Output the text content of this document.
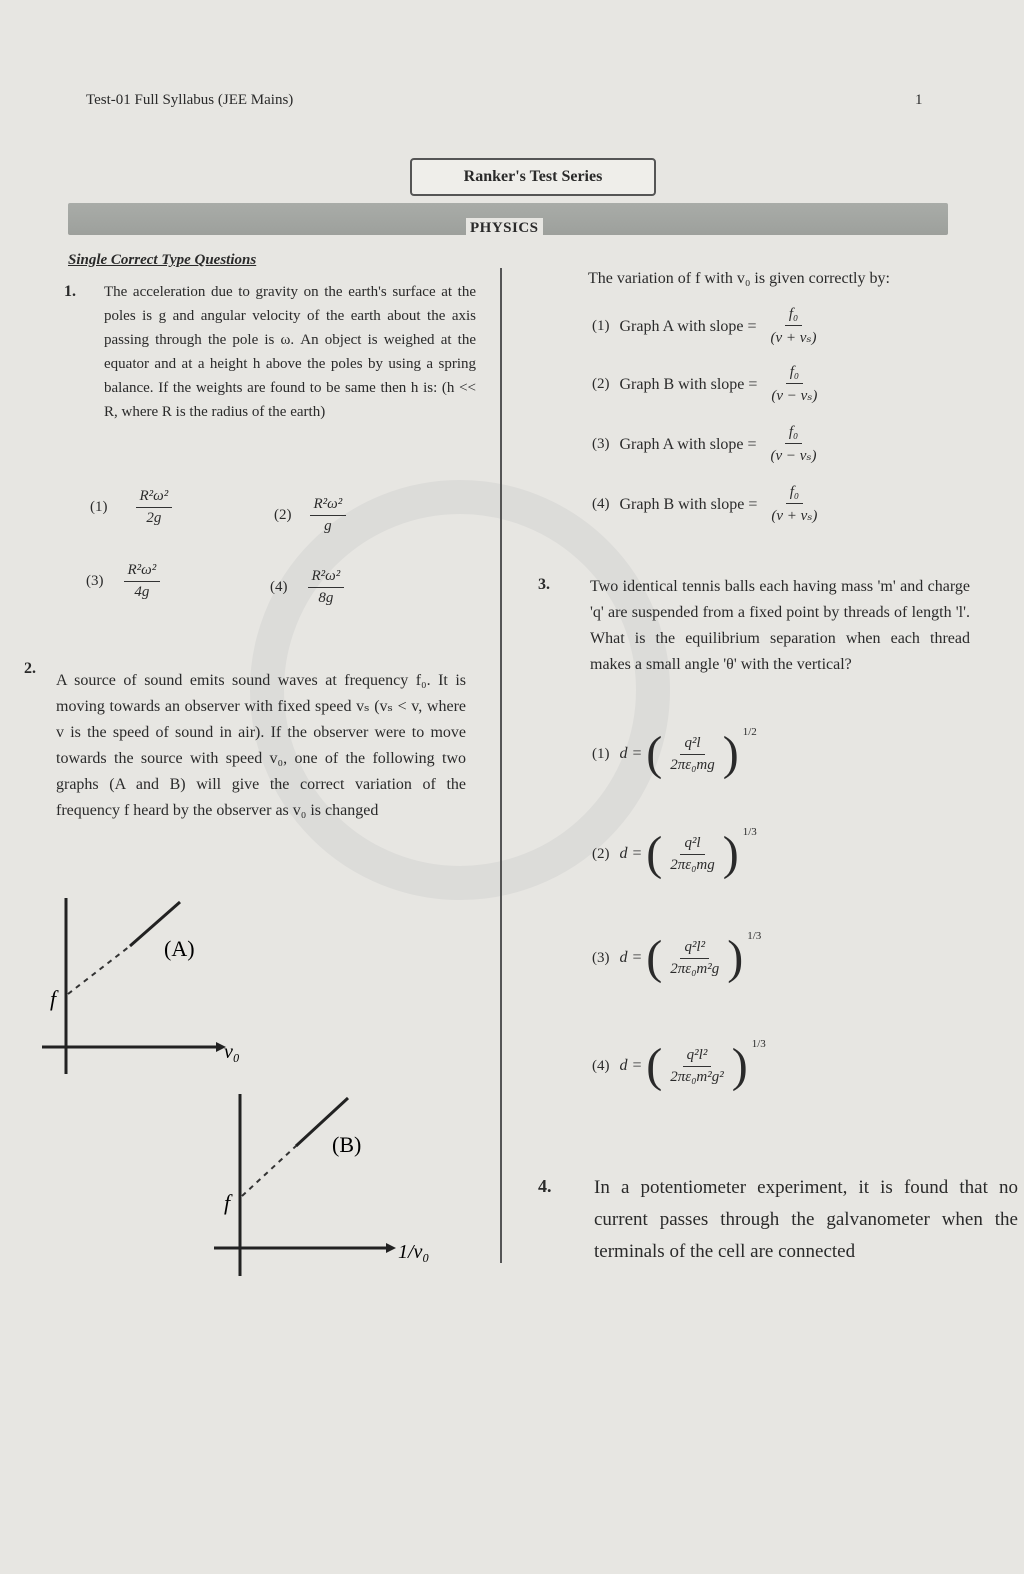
Test-01 Full Syllabus (JEE Mains)	1
Ranker's Test Series
PHYSICS
Single Correct Type Questions
1. The acceleration due to gravity on the earth's surface at the poles is g and angular velocity of the earth about the axis passing through the pole is ω. An object is weighed at the equator and at a height h above the poles by using a spring balance. If the weights are found to be same then h is: (h << R, where R is the radius of the earth)
$(1) \frac{\text{R²ω²}}{2g}$	$(2) \frac{\text{R²ω²}}{g}$
$(3) \frac{\text{R²ω²}}{4g}$	$(4) \frac{\text{R²ω²}}{8g}$
2.
A source of sound emits sound waves at frequency f₀. It is moving towards an observer with fixed speed vₛ (vₛ < v, where v is the speed of sound in air). If the observer were to move towards the source with speed v₀, one of the following two graphs (A and B) will give the correct variation of the frequency f heard by the observer as v₀ is changed
(A)
f
v₀
(B)
f
1/v₀
The variation of f with v₀ is given correctly by:
(1) Graph A with slope = $\frac{\text{f₀}}{\text{(v + vₛ)}}$
(2) Graph B with slope = $\frac{\text{f₀}}{\text{(v − vₛ)}}$
(3) Graph A with slope = $\frac{\text{f₀}}{\text{(v − vₛ)}}$
(4) Graph B with slope = $\frac{\text{f₀}}{\text{(v + vₛ)}}$
3.	Two identical tennis balls each having mass 'm' and charge 'q' are suspended from a fixed point by threads of length 'l'. What is the equilibrium separation when each thread makes a small angle 'θ' with the vertical?
(1) d = ( $\frac{\text{q²l}}{\text{2πε₀mg}}$ ) 1/2
(2) d = ( $\frac{\text{q²l}}{\text{2πε₀mg}}$ ) 1/3
(3) d = ( $\frac{\text{q²l²}}{\text{2πε₀m²g}}$ ) 1/3
(4) d = ( $\frac{\text{q²l²}}{\text{2πε₀m²g²}}$ ) 1/3
4. In a potentiometer experiment, it is found that no current passes through the galvanometer when the terminals of the cell are connected
